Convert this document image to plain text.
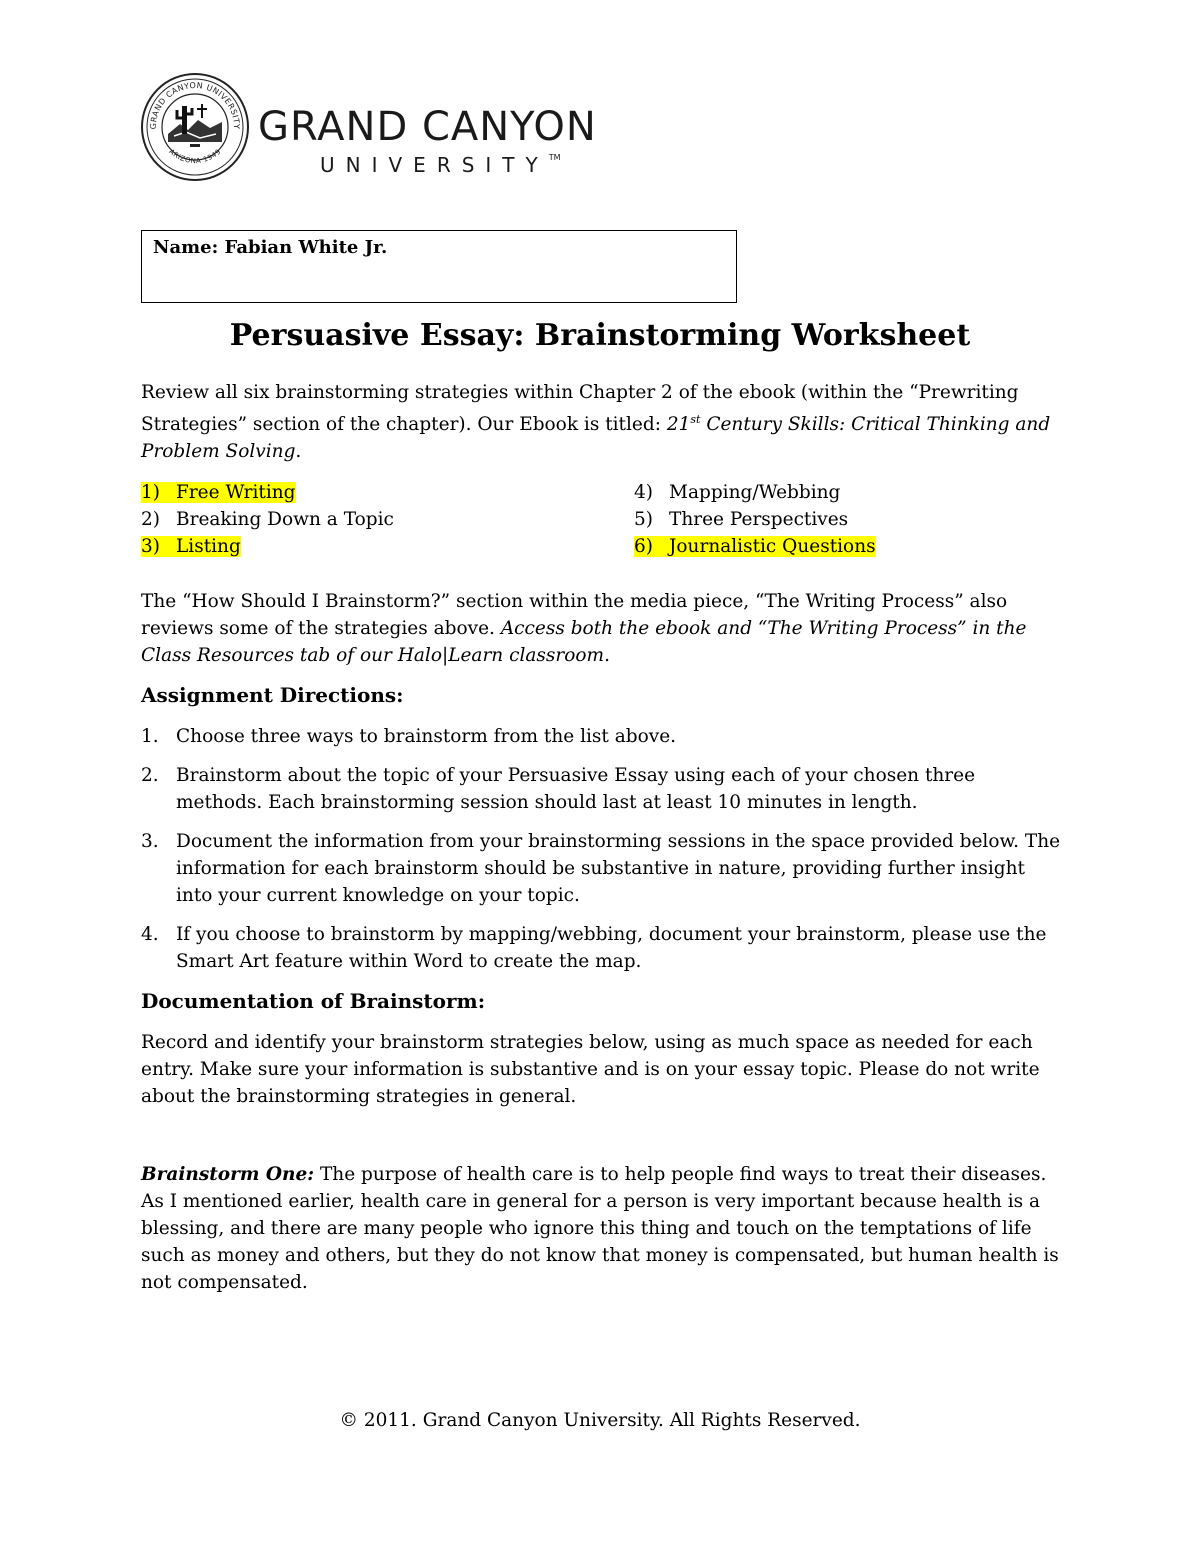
GRAND CANYON UNIVERSITY
ARIZONA 1949
GRAND CANYON
UNIVERSITY™
Name: Fabian White Jr.
Persuasive Essay: Brainstorming Worksheet

Review all six brainstorming strategies within Chapter 2 of the ebook (within the “Prewriting Strategies” section of the chapter). Our Ebook is titled: 21st Century Skills: Critical Thinking and Problem Solving.

1) Free Writing
2) Breaking Down a Topic
3) Listing
4) Mapping/Webbing
5) Three Perspectives
6) Journalistic Questions

The “How Should I Brainstorm?” section within the media piece, “The Writing Process” also reviews some of the strategies above. Access both the ebook and “The Writing Process” in the Class Resources tab of our Halo|Learn classroom.

Assignment Directions:
1. Choose three ways to brainstorm from the list above.
2. Brainstorm about the topic of your Persuasive Essay using each of your chosen three methods. Each brainstorming session should last at least 10 minutes in length.
3. Document the information from your brainstorming sessions in the space provided below. The information for each brainstorm should be substantive in nature, providing further insight into your current knowledge on your topic.
4. If you choose to brainstorm by mapping/webbing, document your brainstorm, please use the Smart Art feature within Word to create the map.
Documentation of Brainstorm:
Record and identify your brainstorm strategies below, using as much space as needed for each entry. Make sure your information is substantive and is on your essay topic. Please do not write about the brainstorming strategies in general.

Brainstorm One: The purpose of health care is to help people find ways to treat their diseases. As I mentioned earlier, health care in general for a person is very important because health is a blessing, and there are many people who ignore this thing and touch on the temptations of life such as money and others, but they do not know that money is compensated, but human health is not compensated.

© 2011. Grand Canyon University. All Rights Reserved.
